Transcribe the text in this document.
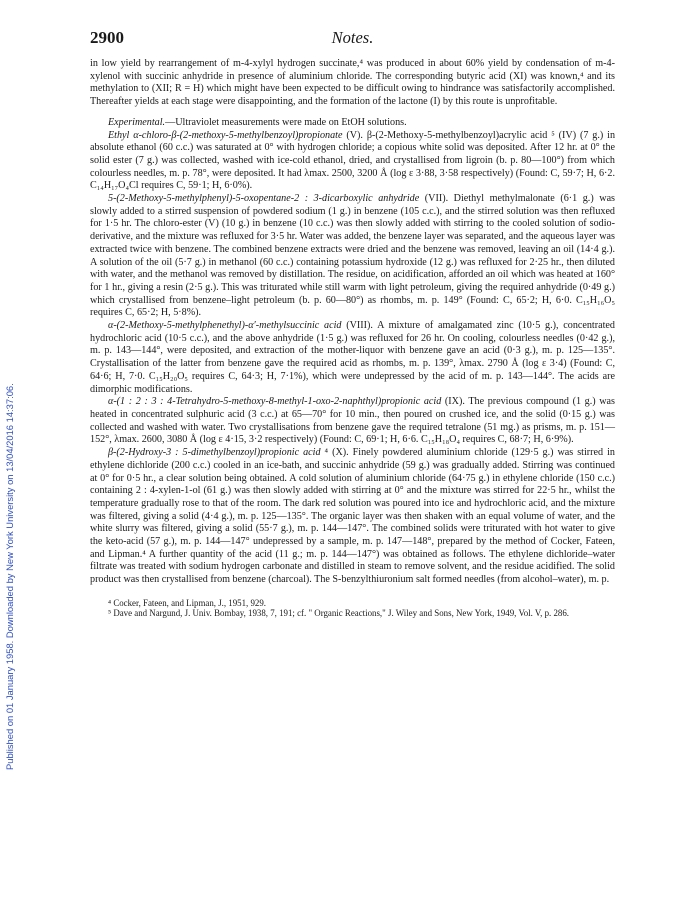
Published on 01 January 1958. Downloaded by New York University on 13/04/2016 14:37:06.
2900	Notes.

in low yield by rearrangement of m-4-xylyl hydrogen succinate,⁴ was produced in about 60% yield by condensation of m-4-xylenol with succinic anhydride in presence of aluminium chloride. The corresponding butyric acid (XI) was known,⁴ and its methylation to (XII; R = H) which might have been expected to be difficult owing to hindrance was satisfactorily accomplished. Thereafter yields at each stage were disappointing, and the formation of the lactone (I) by this route is unprofitable.

Experimental.—Ultraviolet measurements were made on EtOH solutions.

Ethyl α-chloro-β-(2-methoxy-5-methylbenzoyl)propionate (V). β-(2-Methoxy-5-methylbenzoyl)acrylic acid ⁵ (IV) (7 g.) in absolute ethanol (60 c.c.) was saturated at 0° with hydrogen chloride; a copious white solid was deposited. After 12 hr. at 0° the solid ester (7 g.) was collected, washed with ice-cold ethanol, dried, and crystallised from ligroin (b. p. 80—100°) from which colourless needles, m. p. 78°, were deposited. It had λmax. 2500, 3200 Å (log ε 3·88, 3·58 respectively) (Found: C, 59·7; H, 6·2. C₁₄H₁₇O₄Cl requires C, 59·1; H, 6·0%).

5-(2-Methoxy-5-methylphenyl)-5-oxopentane-2 : 3-dicarboxylic anhydride (VII). Diethyl methylmalonate (6·1 g.) was slowly added to a stirred suspension of powdered sodium (1 g.) in benzene (105 c.c.), and the stirred solution was then refluxed for 1·5 hr. The chloro-ester (V) (10 g.) in benzene (10 c.c.) was then slowly added with stirring to the cooled solution of sodio-derivative, and the mixture was refluxed for 3·5 hr. Water was added, the benzene layer was separated, and the aqueous layer was extracted twice with benzene. The combined benzene extracts were dried and the benzene was removed, leaving an oil (14·4 g.). A solution of the oil (5·7 g.) in methanol (60 c.c.) containing potassium hydroxide (12 g.) was refluxed for 2·25 hr., then diluted with water, and the methanol was removed by distillation. The residue, on acidification, afforded an oil which was heated at 160° for 1 hr., giving a resin (2·5 g.). This was triturated while still warm with light petroleum, giving the required anhydride (0·49 g.) which crystallised from benzene–light petroleum (b. p. 60—80°) as rhombs, m. p. 149° (Found: C, 65·2; H, 6·0. C₁₅H₁₆O₅ requires C, 65·2; H, 5·8%).

α-(2-Methoxy-5-methylphenethyl)-α′-methylsuccinic acid (VIII). A mixture of amalgamated zinc (10·5 g.), concentrated hydrochloric acid (10·5 c.c.), and the above anhydride (1·5 g.) was refluxed for 26 hr. On cooling, colourless needles (0·42 g.), m. p. 143—144°, were deposited, and extraction of the mother-liquor with benzene gave an acid (0·3 g.), m. p. 125—135°. Crystallisation of the latter from benzene gave the required acid as rhombs, m. p. 139°, λmax. 2790 Å (log ε 3·4) (Found: C, 64·6; H, 7·0. C₁₅H₂₀O₅ requires C, 64·3; H, 7·1%), which were undepressed by the acid of m. p. 143—144°. The acids are dimorphic modifications.

α-(1 : 2 : 3 : 4-Tetrahydro-5-methoxy-8-methyl-1-oxo-2-naphthyl)propionic acid (IX). The previous compound (1 g.) was heated in concentrated sulphuric acid (3 c.c.) at 65—70° for 10 min., then poured on crushed ice, and the solid (0·15 g.) was collected and washed with water. Two crystallisations from benzene gave the required tetralone (51 mg.) as prisms, m. p. 151—152°, λmax. 2600, 3080 Å (log ε 4·15, 3·2 respectively) (Found: C, 69·1; H, 6·6. C₁₅H₁₈O₄ requires C, 68·7; H, 6·9%).

β-(2-Hydroxy-3 : 5-dimethylbenzoyl)propionic acid ⁴ (X). Finely powdered aluminium chloride (129·5 g.) was stirred in ethylene dichloride (200 c.c.) cooled in an ice-bath, and succinic anhydride (59 g.) was gradually added. Stirring was continued at 0° for 0·5 hr., a clear solution being obtained. A cold solution of aluminium chloride (64·75 g.) in ethylene chloride (150 c.c.) containing 2 : 4-xylen-1-ol (61 g.) was then slowly added with stirring at 0° and the mixture was stirred for 22·5 hr., whilst the temperature gradually rose to that of the room. The dark red solution was poured into ice and hydrochloric acid, and the mixture was filtered, giving a solid (4·4 g.), m. p. 125—135°. The organic layer was then shaken with an equal volume of water, and the white slurry was filtered, giving a solid (55·7 g.), m. p. 144—147°. The combined solids were triturated with hot water to give the keto-acid (57 g.), m. p. 144—147° undepressed by a sample, m. p. 147—148°, prepared by the method of Cocker, Fateen, and Lipman.⁴ A further quantity of the acid (11 g.; m. p. 144—147°) was obtained as follows. The ethylene dichloride–water filtrate was treated with sodium hydrogen carbonate and distilled in steam to remove solvent, and the residue acidified. The solid product was then crystallised from benzene (charcoal). The S-benzylthiuronium salt formed needles (from alcohol–water), m. p.

⁴ Cocker, Fateen, and Lipman, J., 1951, 929.

⁵ Dave and Nargund, J. Univ. Bombay, 1938, 7, 191; cf. " Organic Reactions," J. Wiley and Sons, New York, 1949, Vol. V, p. 286.
